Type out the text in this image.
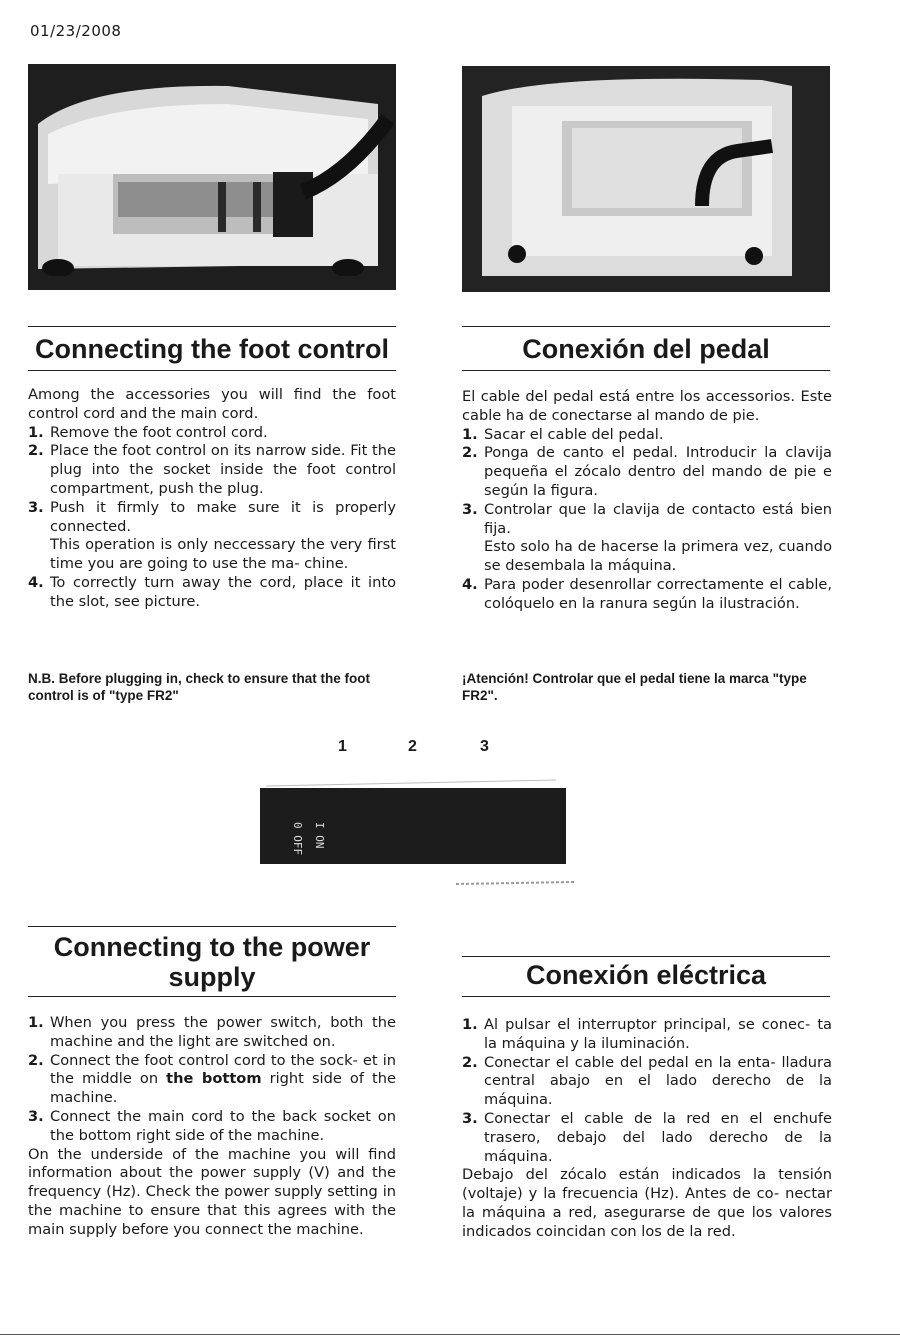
01/23/2008
Connecting the foot control

Among the accessories you will find the foot control cord and the main cord.

1. Remove the foot control cord.
2. Place the foot control on its narrow side. Fit the plug into the socket inside the foot control compartment, push the plug.
3. Push it firmly to make sure it is properly connected.
This operation is only neccessary the very first time you are going to use the ma- chine.
4. To correctly turn away the cord, place it into the slot, see picture.
N.B. Before plugging in, check to ensure that the foot control is of "type FR2"
Conexión del pedal

El cable del pedal está entre los accessorios. Este cable ha de conectarse al mando de pie.

1. Sacar el cable del pedal.
2. Ponga de canto el pedal. Introducir la clavija pequeña el zócalo dentro del mando de pie e según la figura.
3. Controlar que la clavija de contacto está bien fija.
Esto solo ha de hacerse la primera vez, cuando se desembala la máquina.
4. Para poder desenrollar correctamente el cable, colóquelo en la ranura según la ilustración.
¡Atención! Controlar que el pedal tiene la marca "type FR2".
1	2	3
I ON
0 OFF
Connecting to the power
supply
1. When you press the power switch, both the machine and the light are switched on.
2. Connect the foot control cord to the sock- et in the middle on the bottom right side of the machine.
3. Connect the main cord to the back socket on the bottom right side of the machine.

On the underside of the machine you will find information about the power supply (V) and the frequency (Hz). Check the power supply setting in the machine to ensure that this agrees with the main supply before you connect the machine.

Conexión eléctrica
1. Al pulsar el interruptor principal, se conec- ta la máquina y la iluminación.
2. Conectar el cable del pedal en la enta- lladura central abajo en el lado derecho de la máquina.
3. Conectar el cable de la red en el enchufe trasero, debajo del lado derecho de la máquina.

Debajo del zócalo están indicados la tensión (voltaje) y la frecuencia (Hz). Antes de co- nectar la máquina a red, asegurarse de que los valores indicados coincidan con los de la red.
